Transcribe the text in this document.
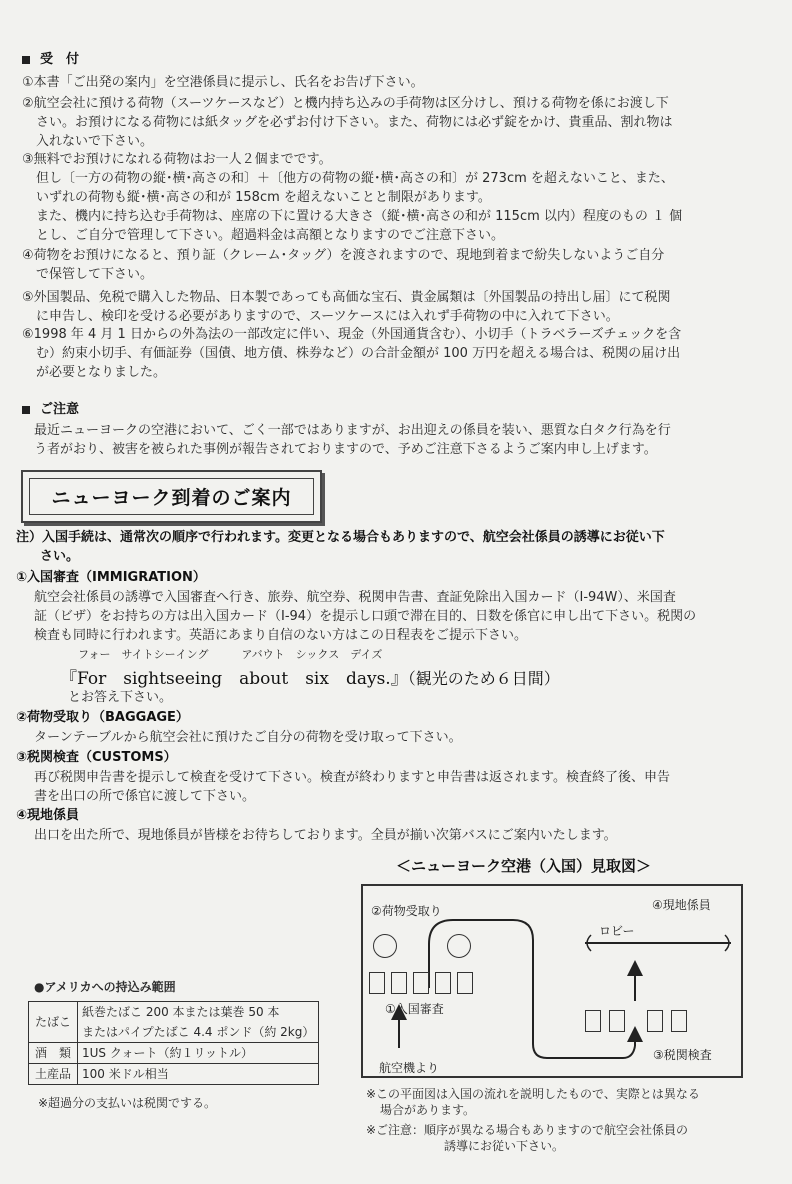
受　付
①本書「ご出発の案内」を空港係員に提示し、氏名をお告げ下さい。
②航空会社に預ける荷物（スーツケースなど）と機内持ち込みの手荷物は区分けし、預ける荷物を係にお渡し下
さい。お預けになる荷物には紙タッグを必ずお付け下さい。また、荷物には必ず錠をかけ、貴重品、割れ物は
入れないで下さい。
③無料でお預けになれる荷物はお一人２個までです。
但し〔一方の荷物の縦･横･高さの和〕＋〔他方の荷物の縦･横･高さの和〕が 273cm を超えないこと、また、
いずれの荷物も縦･横･高さの和が 158cm を超えないことと制限があります。
また、機内に持ち込む手荷物は、座席の下に置ける大きさ（縦･横･高さの和が 115cm 以内）程度のもの １ 個
とし、ご自分で管理して下さい。超過料金は高額となりますのでご注意下さい。
④荷物をお預けになると、預り証（クレーム･タッグ）を渡されますので、現地到着まで紛失しないようご自分
で保管して下さい。
⑤外国製品、免税で購入した物品、日本製であっても高価な宝石、貴金属類は〔外国製品の持出し届〕にて税関
に申告し、検印を受ける必要がありますので、スーツケースには入れず手荷物の中に入れて下さい。
⑥1998 年 4 月 1 日からの外為法の一部改定に伴い、現金（外国通貨含む）、小切手（トラベラーズチェックを含
む）約束小切手、有価証券（国債、地方債、株券など）の合計金額が 100 万円を超える場合は、税関の届け出
が必要となりました。
ご注意
最近ニューヨークの空港において、ごく一部ではありますが、お出迎えの係員を装い、悪質な白タク行為を行
う者がおり、被害を被られた事例が報告されておりますので、予めご注意下さるようご案内申し上げます。
ニューヨーク到着のご案内
注）入国手続は、通常次の順序で行われます。変更となる場合もありますので、航空会社係員の誘導にお従い下
さい。
①入国審査（IMMIGRATION）
航空会社係員の誘導で入国審査へ行き、旅券、航空券、税関申告書、査証免除出入国カード（I-94W）、米国査
証（ビザ）をお持ちの方は出入国カード（I-94）を提示し口頭で滞在目的、日数を係官に申し出て下さい。税関の
検査も同時に行われます。英語にあまり自信のない方はこの日程表をご提示下さい。
フォー　サイトシーイング　　　アバウト　シックス　デイズ
『For　sightseeing　about　six　days.』（観光のため６日間）
とお答え下さい。
②荷物受取り（BAGGAGE）
ターンテーブルから航空会社に預けたご自分の荷物を受け取って下さい。
③税関検査（CUSTOMS）
再び税関申告書を提示して検査を受けて下さい。検査が終わりますと申告書は返されます。検査終了後、申告
書を出口の所で係官に渡して下さい。
④現地係員
出口を出た所で、現地係員が皆様をお待ちしております。全員が揃い次第バスにご案内いたします。
＜ニューヨーク空港（入国）見取図＞
●アメリカへの持込み範囲
たばこ	紙巻たばこ 200 本または葉巻 50 本
	またはパイプたばこ 4.4 ポンド（約 2kg）
酒　類	1US クォート（約１リットル）
土産品	100 米ドル相当
※超過分の支払いは税関でする。
②荷物受取り	④現地係員
ロビー
①入国審査
航空機より
③税関検査
※この平面図は入国の流れを説明したもので、実際とは異なる
場合があります。
※ご注意：順序が異なる場合もありますので航空会社係員の
誘導にお従い下さい。
